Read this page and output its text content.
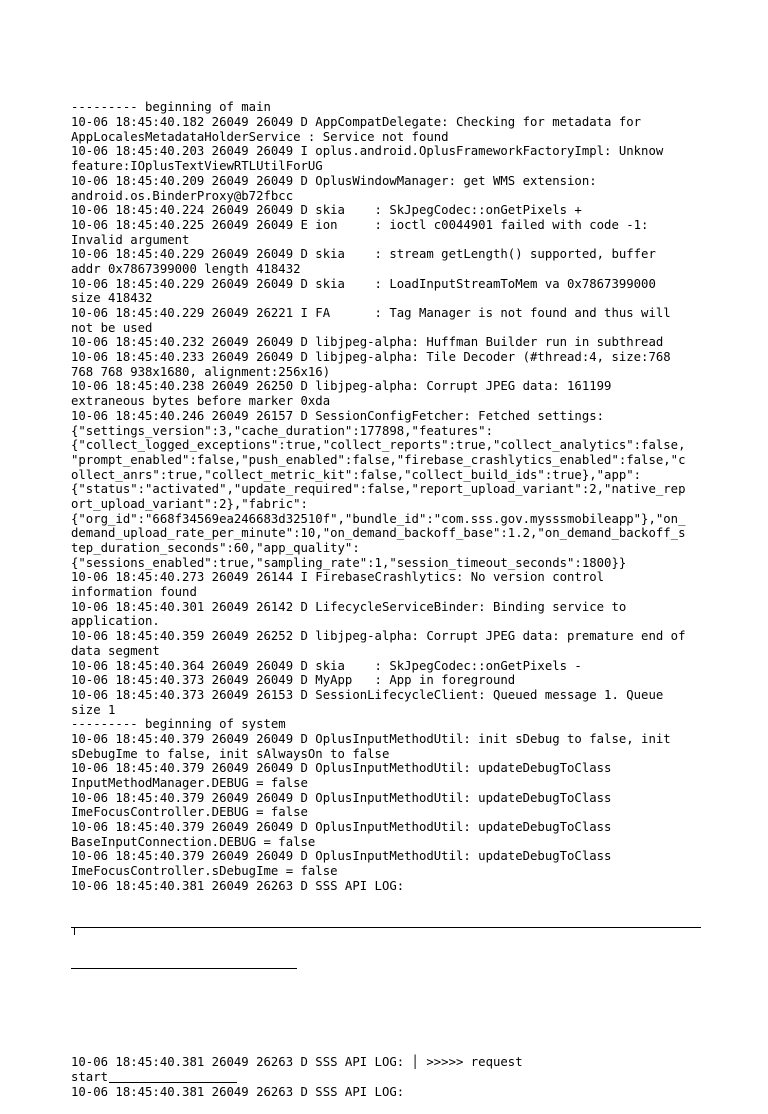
--------- beginning of main
10-06 18:45:40.182 26049 26049 D AppCompatDelegate: Checking for metadata for
AppLocalesMetadataHolderService : Service not found
10-06 18:45:40.203 26049 26049 I oplus.android.OplusFrameworkFactoryImpl: Unknow
feature:IOplusTextViewRTLUtilForUG
10-06 18:45:40.209 26049 26049 D OplusWindowManager: get WMS extension:
android.os.BinderProxy@b72fbcc
10-06 18:45:40.224 26049 26049 D skia    : SkJpegCodec::onGetPixels +
10-06 18:45:40.225 26049 26049 E ion     : ioctl c0044901 failed with code -1:
Invalid argument
10-06 18:45:40.229 26049 26049 D skia    : stream getLength() supported, buffer
addr 0x7867399000 length 418432
10-06 18:45:40.229 26049 26049 D skia    : LoadInputStreamToMem va 0x7867399000
size 418432
10-06 18:45:40.229 26049 26221 I FA      : Tag Manager is not found and thus will
not be used
10-06 18:45:40.232 26049 26049 D libjpeg-alpha: Huffman Builder run in subthread
10-06 18:45:40.233 26049 26049 D libjpeg-alpha: Tile Decoder (#thread:4, size:768
768 768 938x1680, alignment:256x16)
10-06 18:45:40.238 26049 26250 D libjpeg-alpha: Corrupt JPEG data: 161199
extraneous bytes before marker 0xda
10-06 18:45:40.246 26049 26157 D SessionConfigFetcher: Fetched settings:
{"settings_version":3,"cache_duration":177898,"features":
{"collect_logged_exceptions":true,"collect_reports":true,"collect_analytics":false,
"prompt_enabled":false,"push_enabled":false,"firebase_crashlytics_enabled":false,"c
ollect_anrs":true,"collect_metric_kit":false,"collect_build_ids":true},"app":
{"status":"activated","update_required":false,"report_upload_variant":2,"native_rep
ort_upload_variant":2},"fabric":
{"org_id":"668f34569ea246683d32510f","bundle_id":"com.sss.gov.mysssmobileapp"},"on_
demand_upload_rate_per_minute":10,"on_demand_backoff_base":1.2,"on_demand_backoff_s
tep_duration_seconds":60,"app_quality":
{"sessions_enabled":true,"sampling_rate":1,"session_timeout_seconds":1800}}
10-06 18:45:40.273 26049 26144 I FirebaseCrashlytics: No version control
information found
10-06 18:45:40.301 26049 26142 D LifecycleServiceBinder: Binding service to
application.
10-06 18:45:40.359 26049 26252 D libjpeg-alpha: Corrupt JPEG data: premature end of
data segment
10-06 18:45:40.364 26049 26049 D skia    : SkJpegCodec::onGetPixels -
10-06 18:45:40.373 26049 26049 D MyApp   : App in foreground
10-06 18:45:40.373 26049 26153 D SessionLifecycleClient: Queued message 1. Queue
size 1
--------- beginning of system
10-06 18:45:40.379 26049 26049 D OplusInputMethodUtil: init sDebug to false, init
sDebugIme to false, init sAlwaysOn to false
10-06 18:45:40.379 26049 26049 D OplusInputMethodUtil: updateDebugToClass
InputMethodManager.DEBUG = false
10-06 18:45:40.379 26049 26049 D OplusInputMethodUtil: updateDebugToClass
ImeFocusController.DEBUG = false
10-06 18:45:40.379 26049 26049 D OplusInputMethodUtil: updateDebugToClass
BaseInputConnection.DEBUG = false
10-06 18:45:40.379 26049 26049 D OplusInputMethodUtil: updateDebugToClass
ImeFocusController.sDebugIme = false
10-06 18:45:40.381 26049 26263 D SSS API LOG:

10-06 18:45:40.381 26049 26263 D SSS API LOG: │ >>>>> request
start
10-06 18:45:40.381 26049 26263 D SSS API LOG:
